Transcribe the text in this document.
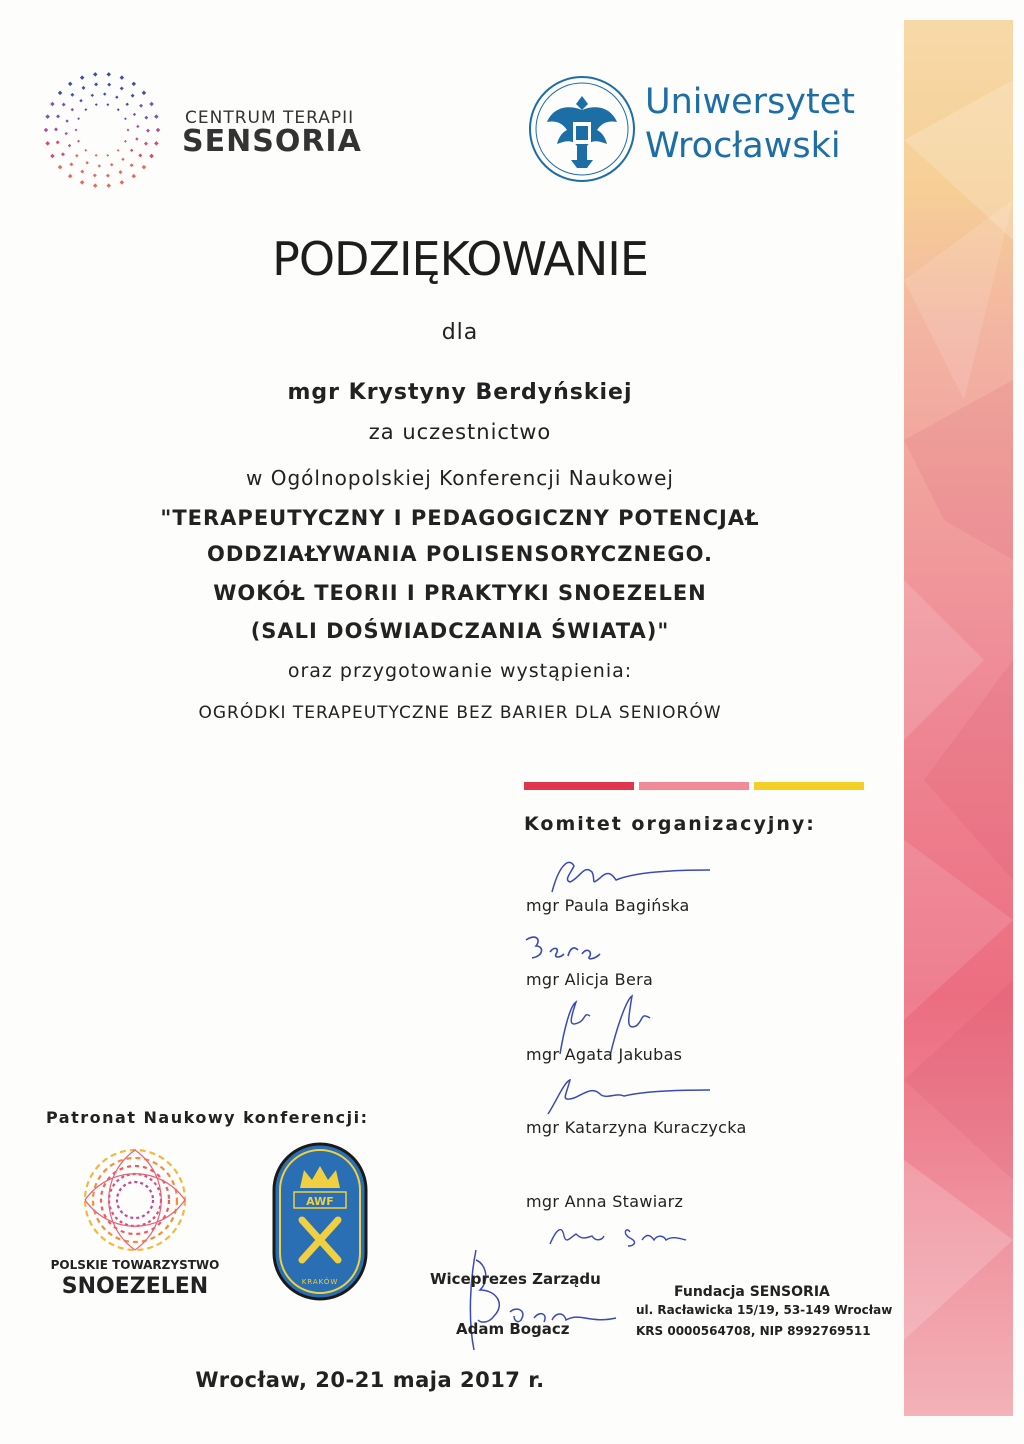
CENTRUM TERAPII
SENSORIA
Uniwersytet
Wrocławski
PODZIĘKOWANIE
dla
mgr Krystyny Berdyńskiej
za uczestnictwo
w Ogólnopolskiej Konferencji Naukowej
"TERAPEUTYCZNY I PEDAGOGICZNY POTENCJAŁ
ODDZIAŁYWANIA POLISENSORYCZNEGO.
WOKÓŁ TEORII I PRAKTYKI SNOEZELEN
(SALI DOŚWIADCZANIA ŚWIATA)"
oraz przygotowanie wystąpienia:
OGRÓDKI TERAPEUTYCZNE BEZ BARIER DLA SENIORÓW
Komitet organizacyjny:
mgr Paula Bagińska
mgr Alicja Bera
mgr Agata Jakubas
mgr Katarzyna Kuraczycka
mgr Anna Stawiarz
Patronat Naukowy konferencji:
POLSKIE TOWARZYSTWO
SNOEZELEN
AWF
KRAKÓW	Wiceprezes Zarządu
Adam Bogacz
Fundacja SENSORIA
ul. Racławicka 15/19, 53-149 Wrocław
KRS 0000564708, NIP 8992769511
Wrocław, 20-21 maja 2017 r.
